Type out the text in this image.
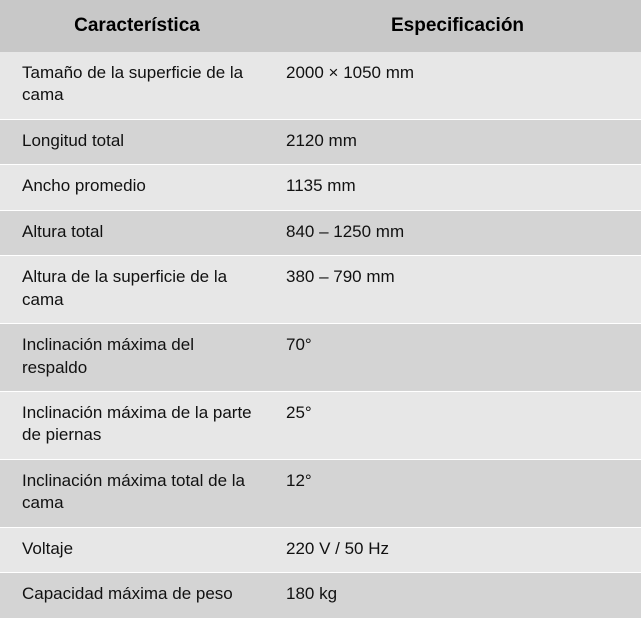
Característica	Especificación
Tamaño de la superficie de la cama	2000 × 1050 mm
Longitud total	2120 mm
Ancho promedio	1135 mm
Altura total	840 – 1250 mm
Altura de la superficie de la cama	380 – 790 mm
Inclinación máxima del respaldo	70°
Inclinación máxima de la parte de piernas	25°
Inclinación máxima total de la cama	12°
Voltaje	220 V / 50 Hz
Capacidad máxima de peso	180 kg
